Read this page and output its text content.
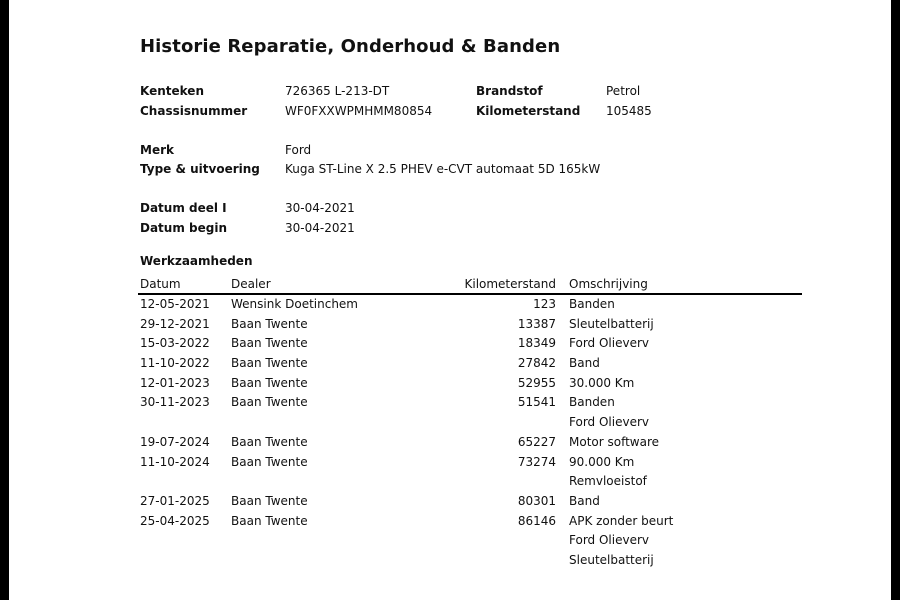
Historie Reparatie, Onderhoud & Banden
Kenteken	726365 L-213-DT	Brandstof	Petrol
Chassisnummer	WF0FXXWPMHMM80854	Kilometerstand 105485
Merk	Ford
Type & uitvoering Kuga ST-Line X 2.5 PHEV e-CVT automaat 5D 165kW
Datum deel I	30-04-2021
Datum begin	30-04-2021
Werkzaamheden
Datum	Dealer	Kilometerstand Omschrijving
12-05-2021 Wensink Doetinchem	123 Banden
29-12-2021 Baan Twente	13387 Sleutelbatterij
15-03-2022 Baan Twente	18349 Ford Olieverv
11-10-2022 Baan Twente	27842 Band
12-01-2023 Baan Twente	52955 30.000 Km
30-11-2023 Baan Twente	51541 Banden
Ford Olieverv
19-07-2024 Baan Twente	65227 Motor software
11-10-2024 Baan Twente	73274 90.000 Km
Remvloeistof
27-01-2025 Baan Twente	80301 Band
25-04-2025 Baan Twente	86146 APK zonder beurt
Ford Olieverv
Sleutelbatterij
